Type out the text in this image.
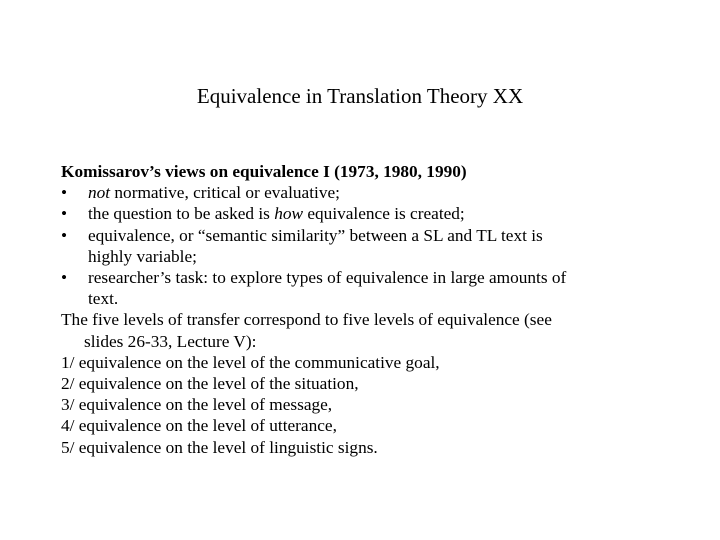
Equivalence in Translation Theory XX
Komissarov’s views on equivalence I (1973, 1980, 1990)
• not normative, critical or evaluative;
• the question to be asked is how equivalence is created;
• equivalence, or “semantic similarity” between a SL and TL text is
highly variable;
• researcher’s task: to explore types of equivalence in large amounts of
text.
The five levels of transfer correspond to five levels of equivalence (see
slides 26-33, Lecture V):
1/ equivalence on the level of the communicative goal,
2/ equivalence on the level of the situation,
3/ equivalence on the level of message,
4/ equivalence on the level of utterance,
5/ equivalence on the level of linguistic signs.
